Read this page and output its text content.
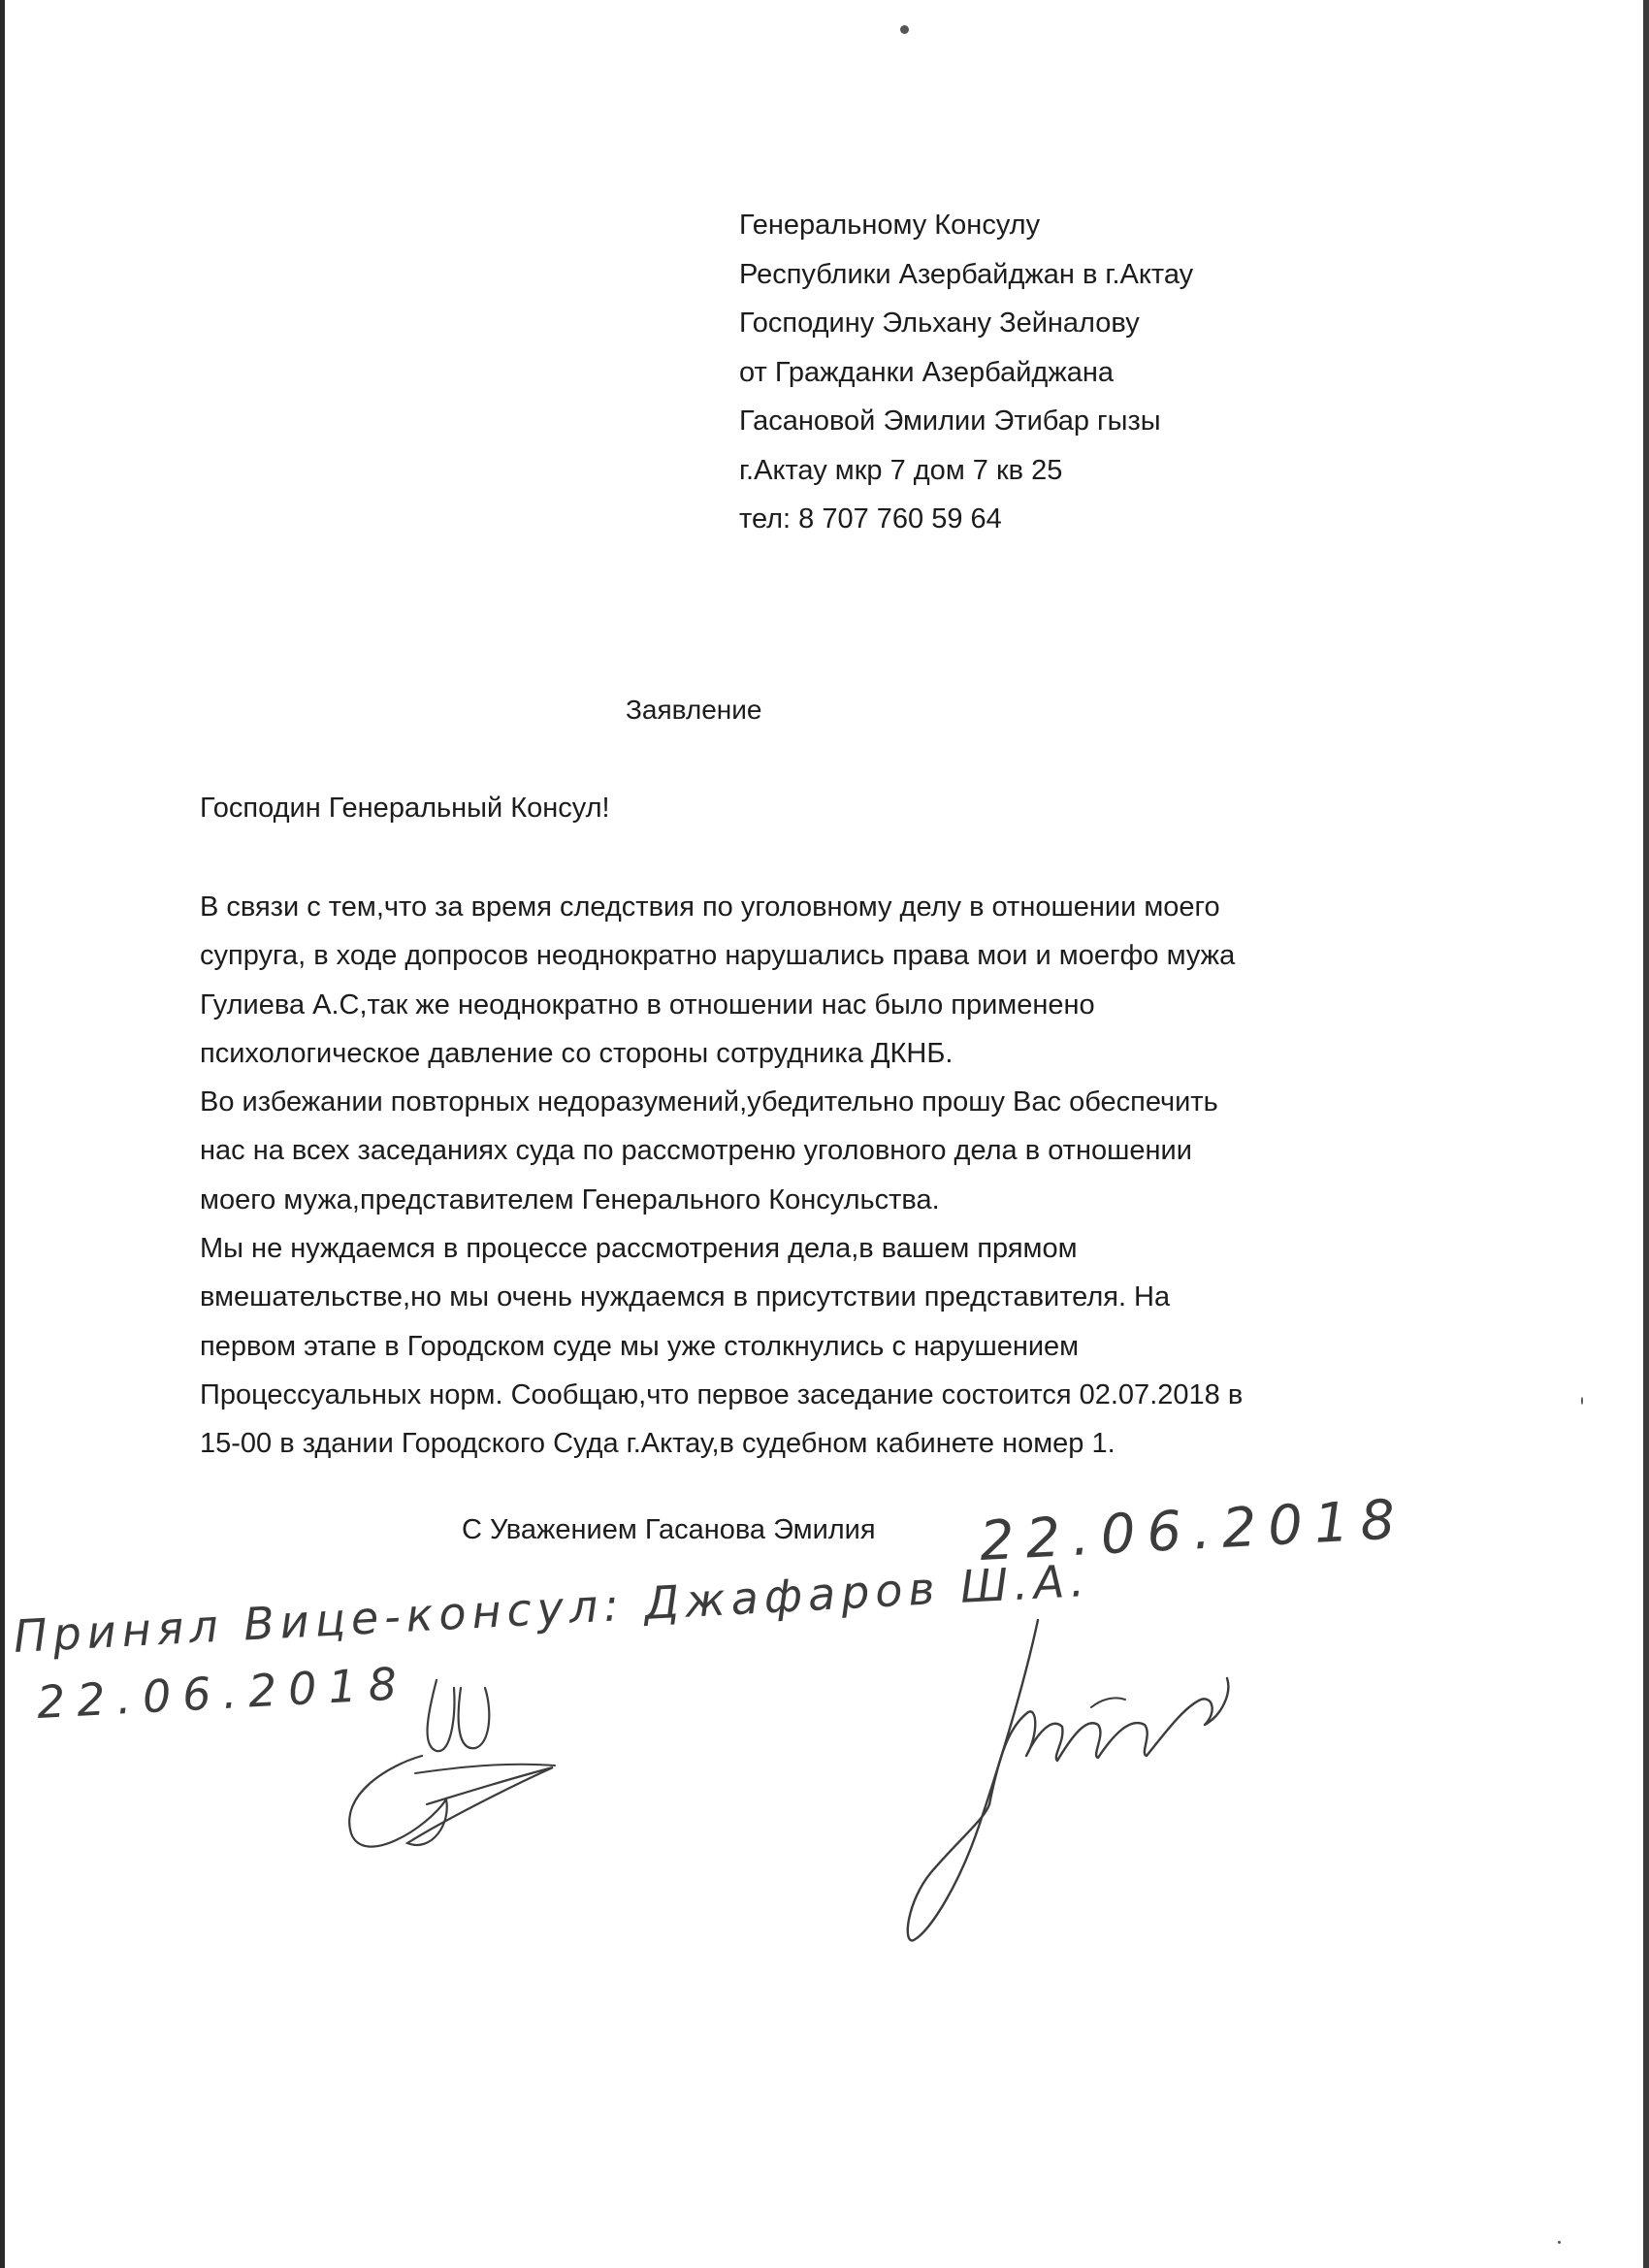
Генеральному Консулу
Республики Азербайджан в г.Актау
Господину Эльхану Зейналову
от Гражданки Азербайджана
Гасановой Эмилии Этибар гызы
г.Актау мкр 7 дом 7 кв 25
тел: 8 707 760 59 64
Заявление
Господин Генеральный Консул!
В связи с тем,что за время следствия по уголовному делу в отношении моего
супруга, в ходе допросов неоднократно нарушались права мои и моегфо мужа
Гулиева А.С,так же неоднократно в отношении нас было применено
психологическое давление со стороны сотрудника ДКНБ.
Во избежании повторных недоразумений,убедительно прошу Вас обеспечить
нас на всех заседаниях суда по рассмотреню уголовного дела в отношении
моего мужа,представителем Генерального Консульства.
Мы не нуждаемся в процессе рассмотрения дела,в вашем прямом
вмешательстве,но мы очень нуждаемся в присутствии представителя. На
первом этапе в Городском суде мы уже столкнулись с нарушением
Процессуальных норм. Сообщаю,что первое заседание состоится 02.07.2018 в
15-00 в здании Городского Суда г.Актау,в судебном кабинете номер 1.
С Уважением Гасанова Эмилия 22.06.2018
Принял Вице-консул: Джафаров Ш.А.
22.06.2018
